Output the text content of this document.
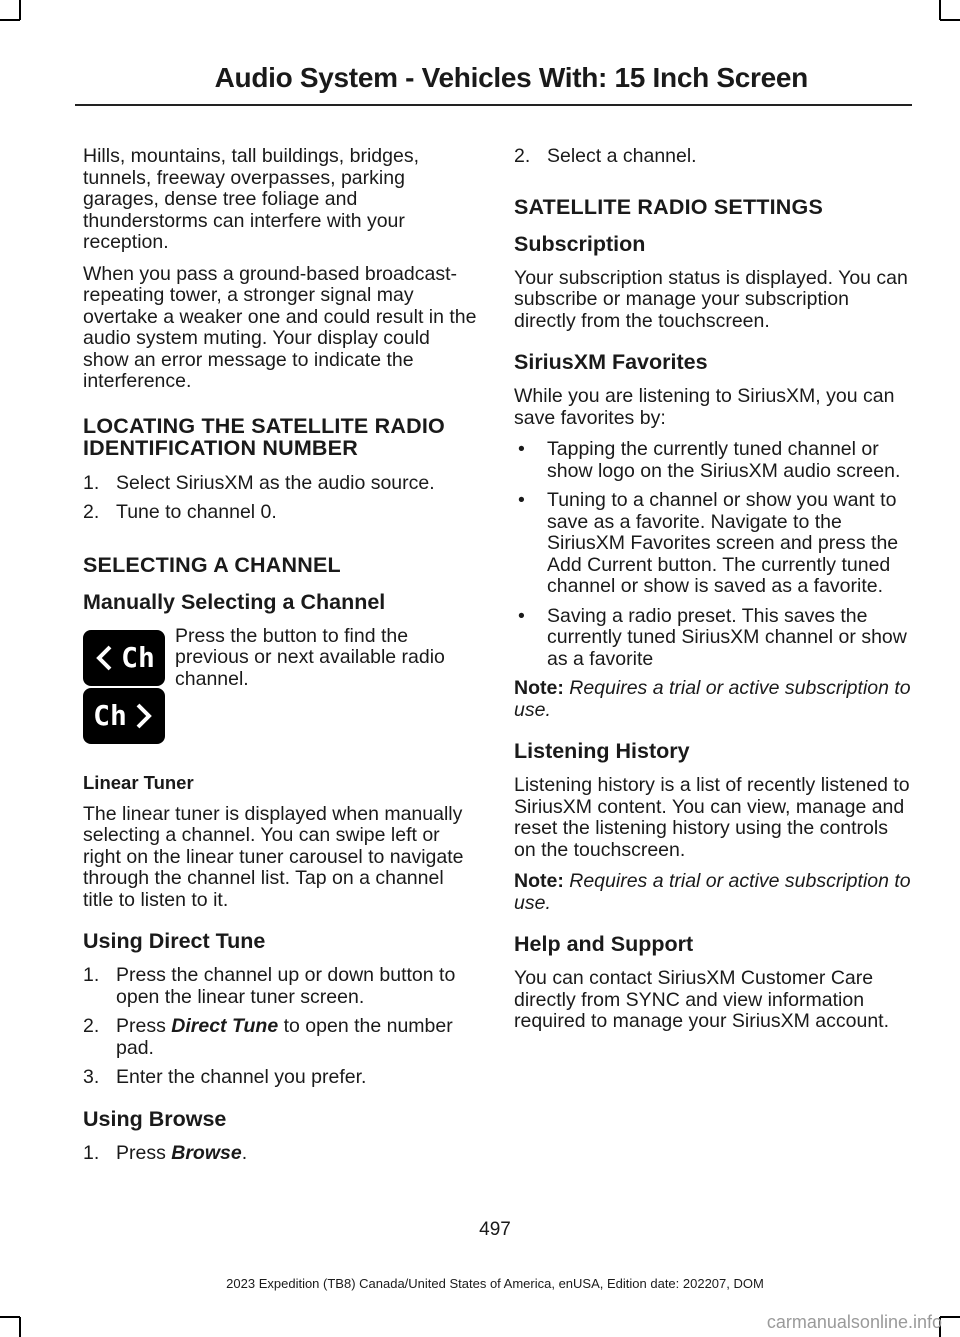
Audio System - Vehicles With: 15 Inch Screen

Hills, mountains, tall buildings, bridges, tunnels, freeway overpasses, parking garages, dense tree foliage and thunderstorms can interfere with your reception.

When you pass a ground-based broadcast-repeating tower, a stronger signal may overtake a weaker one and could result in the audio system muting. Your display could show an error message to indicate the interference.

LOCATING THE SATELLITE RADIO IDENTIFICATION NUMBER
1. Select SiriusXM as the audio source.
2. Tune to channel 0.
SELECTING A CHANNEL
Manually Selecting a Channel
Ch
Ch
Press the button to find the previous or next available radio channel.
Linear Tuner

The linear tuner is displayed when manually selecting a channel. You can swipe left or right on the linear tuner carousel to navigate through the channel list. Tap on a channel title to listen to it.

Using Direct Tune
1. Press the channel up or down button to open the linear tuner screen.
2. Press Direct Tune to open the number pad.
3. Enter the channel you prefer.
Using Browse
1. Press Browse.
2. Select a channel.
SATELLITE RADIO SETTINGS
Subscription

Your subscription status is displayed. You can subscribe or manage your subscription directly from the touchscreen.

SiriusXM Favorites

While you are listening to SiriusXM, you can save favorites by:

• Tapping the currently tuned channel or show logo on the SiriusXM audio screen.
• Tuning to a channel or show you want to save as a favorite. Navigate to the SiriusXM Favorites screen and press the Add Current button. The currently tuned channel or show is saved as a favorite.
• Saving a radio preset. This saves the currently tuned SiriusXM channel or show as a favorite
Note: Requires a trial or active subscription to use.
Listening History

Listening history is a list of recently listened to SiriusXM content. You can view, manage and reset the listening history using the controls on the touchscreen.

Note: Requires a trial or active subscription to use.
Help and Support

You can contact SiriusXM Customer Care directly from SYNC and view information required to manage your SiriusXM account.

497
2023 Expedition (TB8) Canada/United States of America, enUSA, Edition date: 202207, DOM
carmanualsonline.info
